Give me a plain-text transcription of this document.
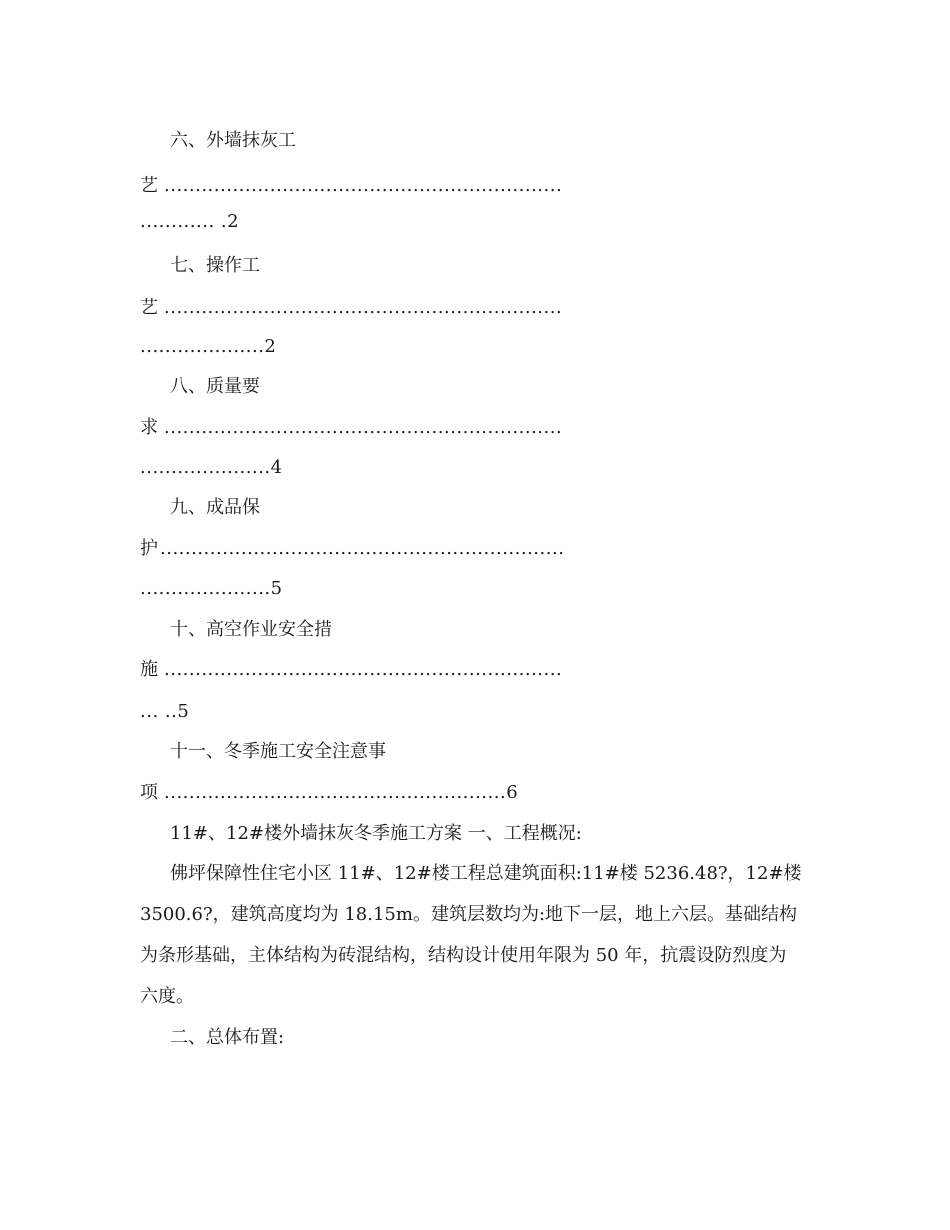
六、外墙抹灰工
艺 ................................................................
............ .2
七、操作工
艺 ................................................................
....................2
八、质量要
求 ................................................................
.....................4
九、成品保
护 .................................................................
.....................5
十、高空作业安全措
施 ................................................................
... ..5
十一、冬季施工安全注意事
项 .......................................................6
11#、12#楼外墙抹灰冬季施工方案 一、工程概况:
佛坪保障性住宅小区 11#、12#楼工程总建筑面积:11#楼 5236.48?，12#楼
3500.6?，建筑高度均为 18.15m。建筑层数均为:地下一层，地上六层。基础结构
为条形基础，主体结构为砖混结构，结构设计使用年限为 50 年，抗震设防烈度为
六度。
二、总体布置:
